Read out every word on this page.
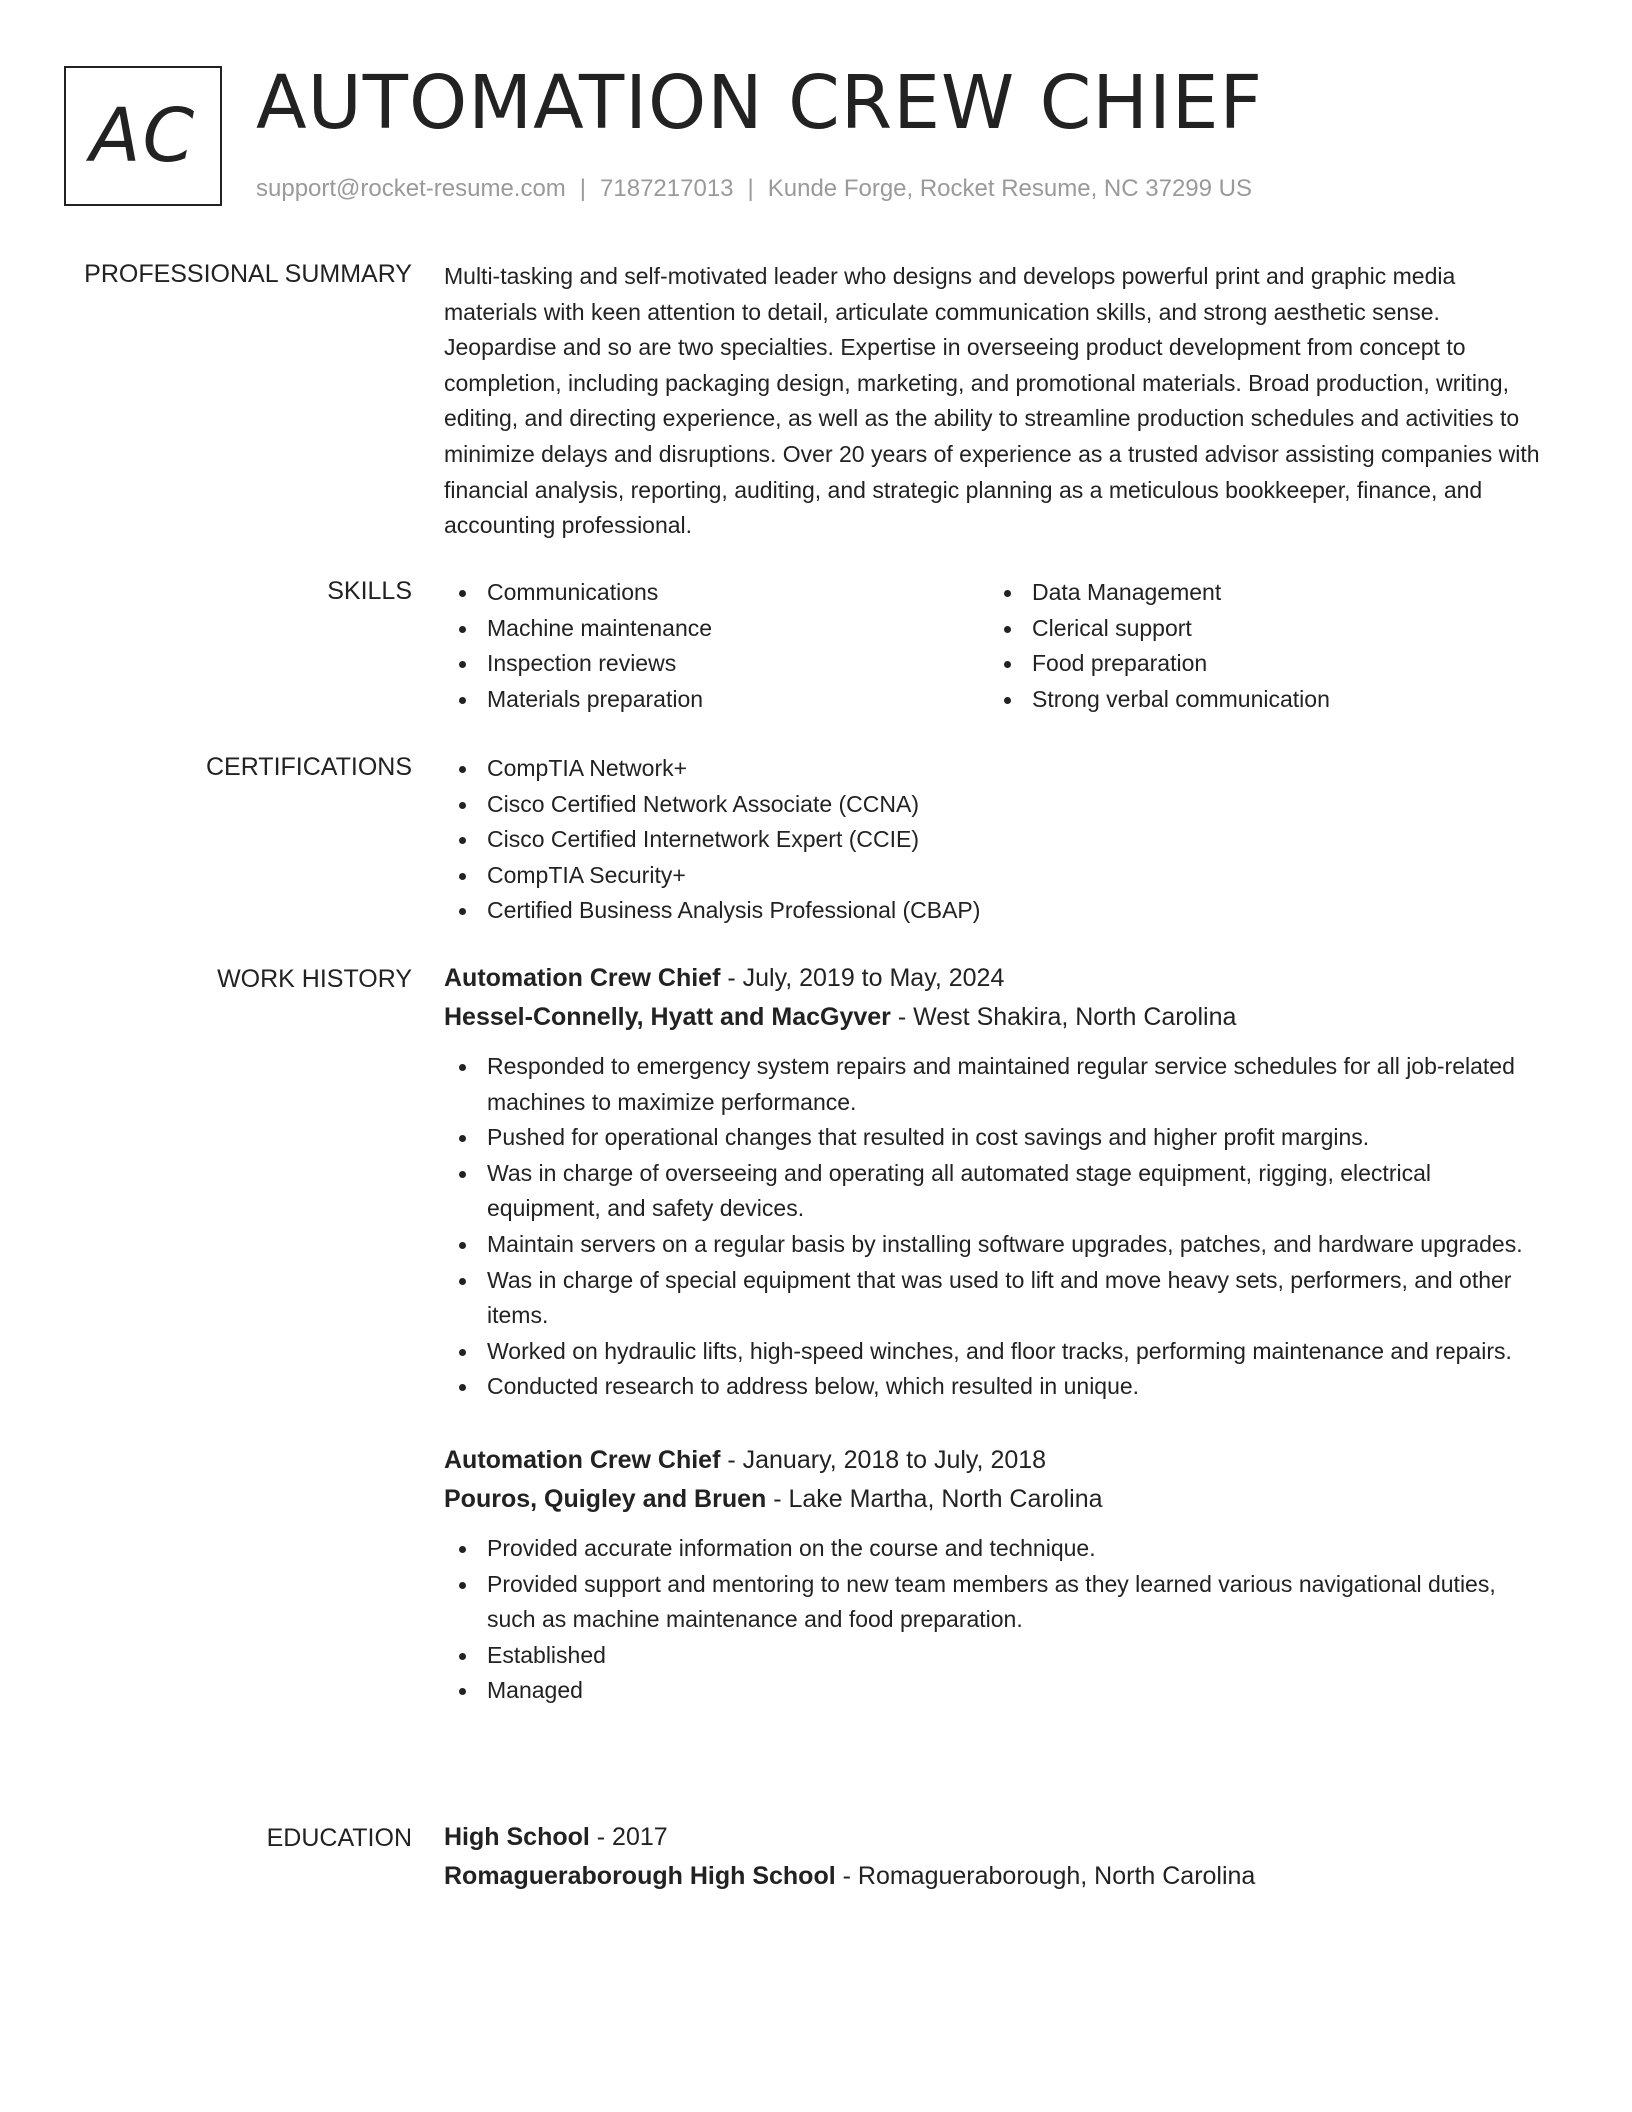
AC AUTOMATION CREW CHIEF
support@rocket-resume.com | 7187217013 | Kunde Forge, Rocket Resume, NC 37299 US
PROFESSIONAL SUMMARY Multi-tasking and self-motivated leader who designs and develops powerful print and graphic media materials with keen attention to detail, articulate communication skills, and strong aesthetic sense. Jeopardise and so are two specialties. Expertise in overseeing product development from concept to completion, including packaging design, marketing, and promotional materials. Broad production, writing, editing, and directing experience, as well as the ability to streamline production schedules and activities to minimize delays and disruptions. Over 20 years of experience as a trusted advisor assisting companies with financial analysis, reporting, auditing, and strategic planning as a meticulous bookkeeper, finance, and accounting professional.

SKILLS	Communications	Data Management
Machine maintenance	Clerical support
Inspection reviews	Food preparation
Materials preparation	Strong verbal communication
CERTIFICATIONS	CompTIA Network+
Cisco Certified Network Associate (CCNA)
Cisco Certified Internetwork Expert (CCIE)
CompTIA Security+
Certified Business Analysis Professional (CBAP)
WORK HISTORY Automation Crew Chief - July, 2019 to May, 2024
Hessel-Connelly, Hyatt and MacGyver - West Shakira, North Carolina
Responded to emergency system repairs and maintained regular service schedules for all job-related machines to maximize performance.
Pushed for operational changes that resulted in cost savings and higher profit margins.
Was in charge of overseeing and operating all automated stage equipment, rigging, electrical equipment, and safety devices.
Maintain servers on a regular basis by installing software upgrades, patches, and hardware upgrades.
Was in charge of special equipment that was used to lift and move heavy sets, performers, and other items.
Worked on hydraulic lifts, high-speed winches, and floor tracks, performing maintenance and repairs.
Conducted research to address below, which resulted in unique.
Automation Crew Chief - January, 2018 to July, 2018
Pouros, Quigley and Bruen - Lake Martha, North Carolina
Provided accurate information on the course and technique.
Provided support and mentoring to new team members as they learned various navigational duties, such as machine maintenance and food preparation.
Established
Managed
EDUCATION High School - 2017
Romagueraborough High School - Romagueraborough, North Carolina
